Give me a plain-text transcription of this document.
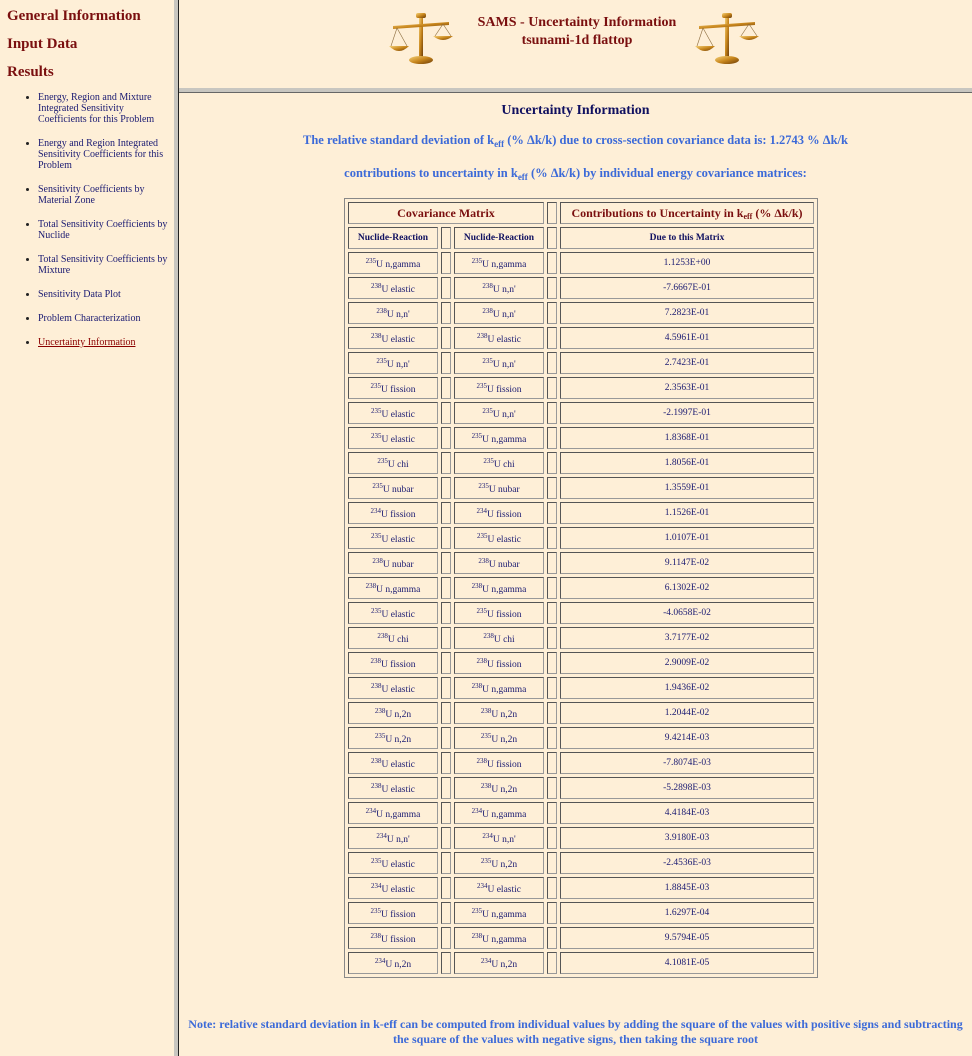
General Information
Input Data
Results
• Energy, Region and Mixture Integrated Sensitivity Coefficients for this Problem
• Energy and Region Integrated Sensitivity Coefficients for this Problem
• Sensitivity Coefficients by Material Zone
• Total Sensitivity Coefficients by Nuclide
• Total Sensitivity Coefficients by Mixture
• Sensitivity Data Plot
• Problem Characterization
• Uncertainty Information
SAMS - Uncertainty Information
tsunami-1d flattop
Uncertainty Information
The relative standard deviation of $k_{eff}$ (% Δk/k) due to cross-section covariance data is: 1.2743 % Δk/k
contributions to uncertainty in $k_{eff}$ (% Δk/k) by individual energy covariance matrices:
Covariance Matrix				Contributions to Uncertainty in $k_{eff}$ (% Δk/k)
Nuclide-Reaction		Nuclide-Reaction		Due to this Matrix
$^{235}$U n,gamma		$^{235}$U n,gamma		1.1253E+00
$^{238}$U elastic		$^{238}$U n,n'		-7.6667E-01
$^{238}$U n,n'		$^{238}$U n,n'		7.2823E-01
$^{238}$U elastic		$^{238}$U elastic		4.5961E-01
$^{235}$U n,n'		$^{235}$U n,n'		2.7423E-01
$^{235}$U fission		$^{235}$U fission		2.3563E-01
$^{235}$U elastic		$^{235}$U n,n'		-2.1997E-01
$^{235}$U elastic		$^{235}$U n,gamma		1.8368E-01
$^{235}$U chi		$^{235}$U chi		1.8056E-01
$^{235}$U nubar		$^{235}$U nubar		1.3559E-01
$^{234}$U fission		$^{234}$U fission		1.1526E-01
$^{235}$U elastic		$^{235}$U elastic		1.0107E-01
$^{238}$U nubar		$^{238}$U nubar		9.1147E-02
$^{238}$U n,gamma		$^{238}$U n,gamma		6.1302E-02
$^{235}$U elastic		$^{235}$U fission		-4.0658E-02
$^{238}$U chi		$^{238}$U chi		3.7177E-02
$^{238}$U fission		$^{238}$U fission		2.9009E-02
$^{238}$U elastic		$^{238}$U n,gamma		1.9436E-02
$^{238}$U n,2n		$^{238}$U n,2n		1.2044E-02
$^{235}$U n,2n		$^{235}$U n,2n		9.4214E-03
$^{238}$U elastic		$^{238}$U fission		-7.8074E-03
$^{238}$U elastic		$^{238}$U n,2n		-5.2898E-03
$^{234}$U n,gamma		$^{234}$U n,gamma		4.4184E-03
$^{234}$U n,n'		$^{234}$U n,n'		3.9180E-03
$^{235}$U elastic		$^{235}$U n,2n		-2.4536E-03
$^{234}$U elastic		$^{234}$U elastic		1.8845E-03
$^{235}$U fission		$^{235}$U n,gamma		1.6297E-04
$^{238}$U fission		$^{238}$U n,gamma		9.5794E-05
$^{234}$U n,2n		$^{234}$U n,2n		4.1081E-05
Note: relative standard deviation in k-eff can be computed from individual values by adding the square of the values with positive signs and subtracting the square of the values with negative signs, then taking the square root
